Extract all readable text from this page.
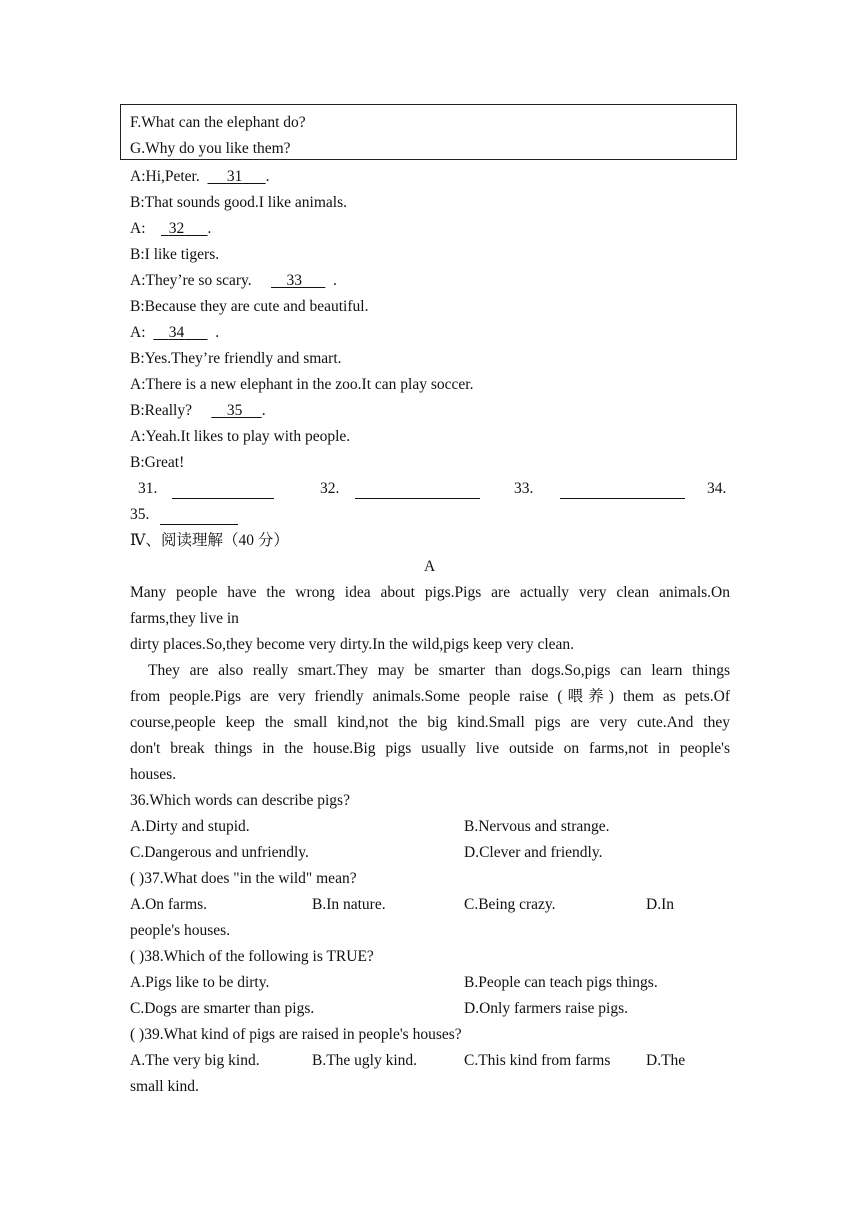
F.What can the elephant do?
G.Why do you like them?
A:Hi,Peter. 31 .
B:That sounds good.I like animals.
A: 32 .
B:I like tigers.
A:They’re so scary. 33 .
B:Because they are cute and beautiful.
A: 34 .
B:Yes.They’re friendly and smart.
A:There is a new elephant in the zoo.It can play soccer.
B:Really? 35 .
A:Yeah.It likes to play with people.
B:Great!
31.	32.	33.	34.
35.
Ⅳ、阅读理解（40 分）
A
Many people have the wrong idea about pigs.Pigs are actually very clean animals.On
farms,they live in
dirty places.So,they become very dirty.In the wild,pigs keep very clean.
They are also really smart.They may be smarter than dogs.So,pigs can learn things
from people.Pigs are very friendly animals.Some people raise (喂养) them as pets.Of
course,people keep the small kind,not the big kind.Small pigs are very cute.And they
don't break things in the house.Big pigs usually live outside on farms,not in people's
houses.
36.Which words can describe pigs?
A.Dirty and stupid.	B.Nervous and strange.
C.Dangerous and unfriendly.	D.Clever and friendly.
( )37.What does "in the wild" mean?
A.On farms.	B.In nature.	C.Being crazy.	D.In
people's houses.
( )38.Which of the following is TRUE?
A.Pigs like to be dirty.	B.People can teach pigs things.
C.Dogs are smarter than pigs.	D.Only farmers raise pigs.
( )39.What kind of pigs are raised in people's houses?
A.The very big kind.	B.The ugly kind.	C.This kind from farms D.The
small kind.
